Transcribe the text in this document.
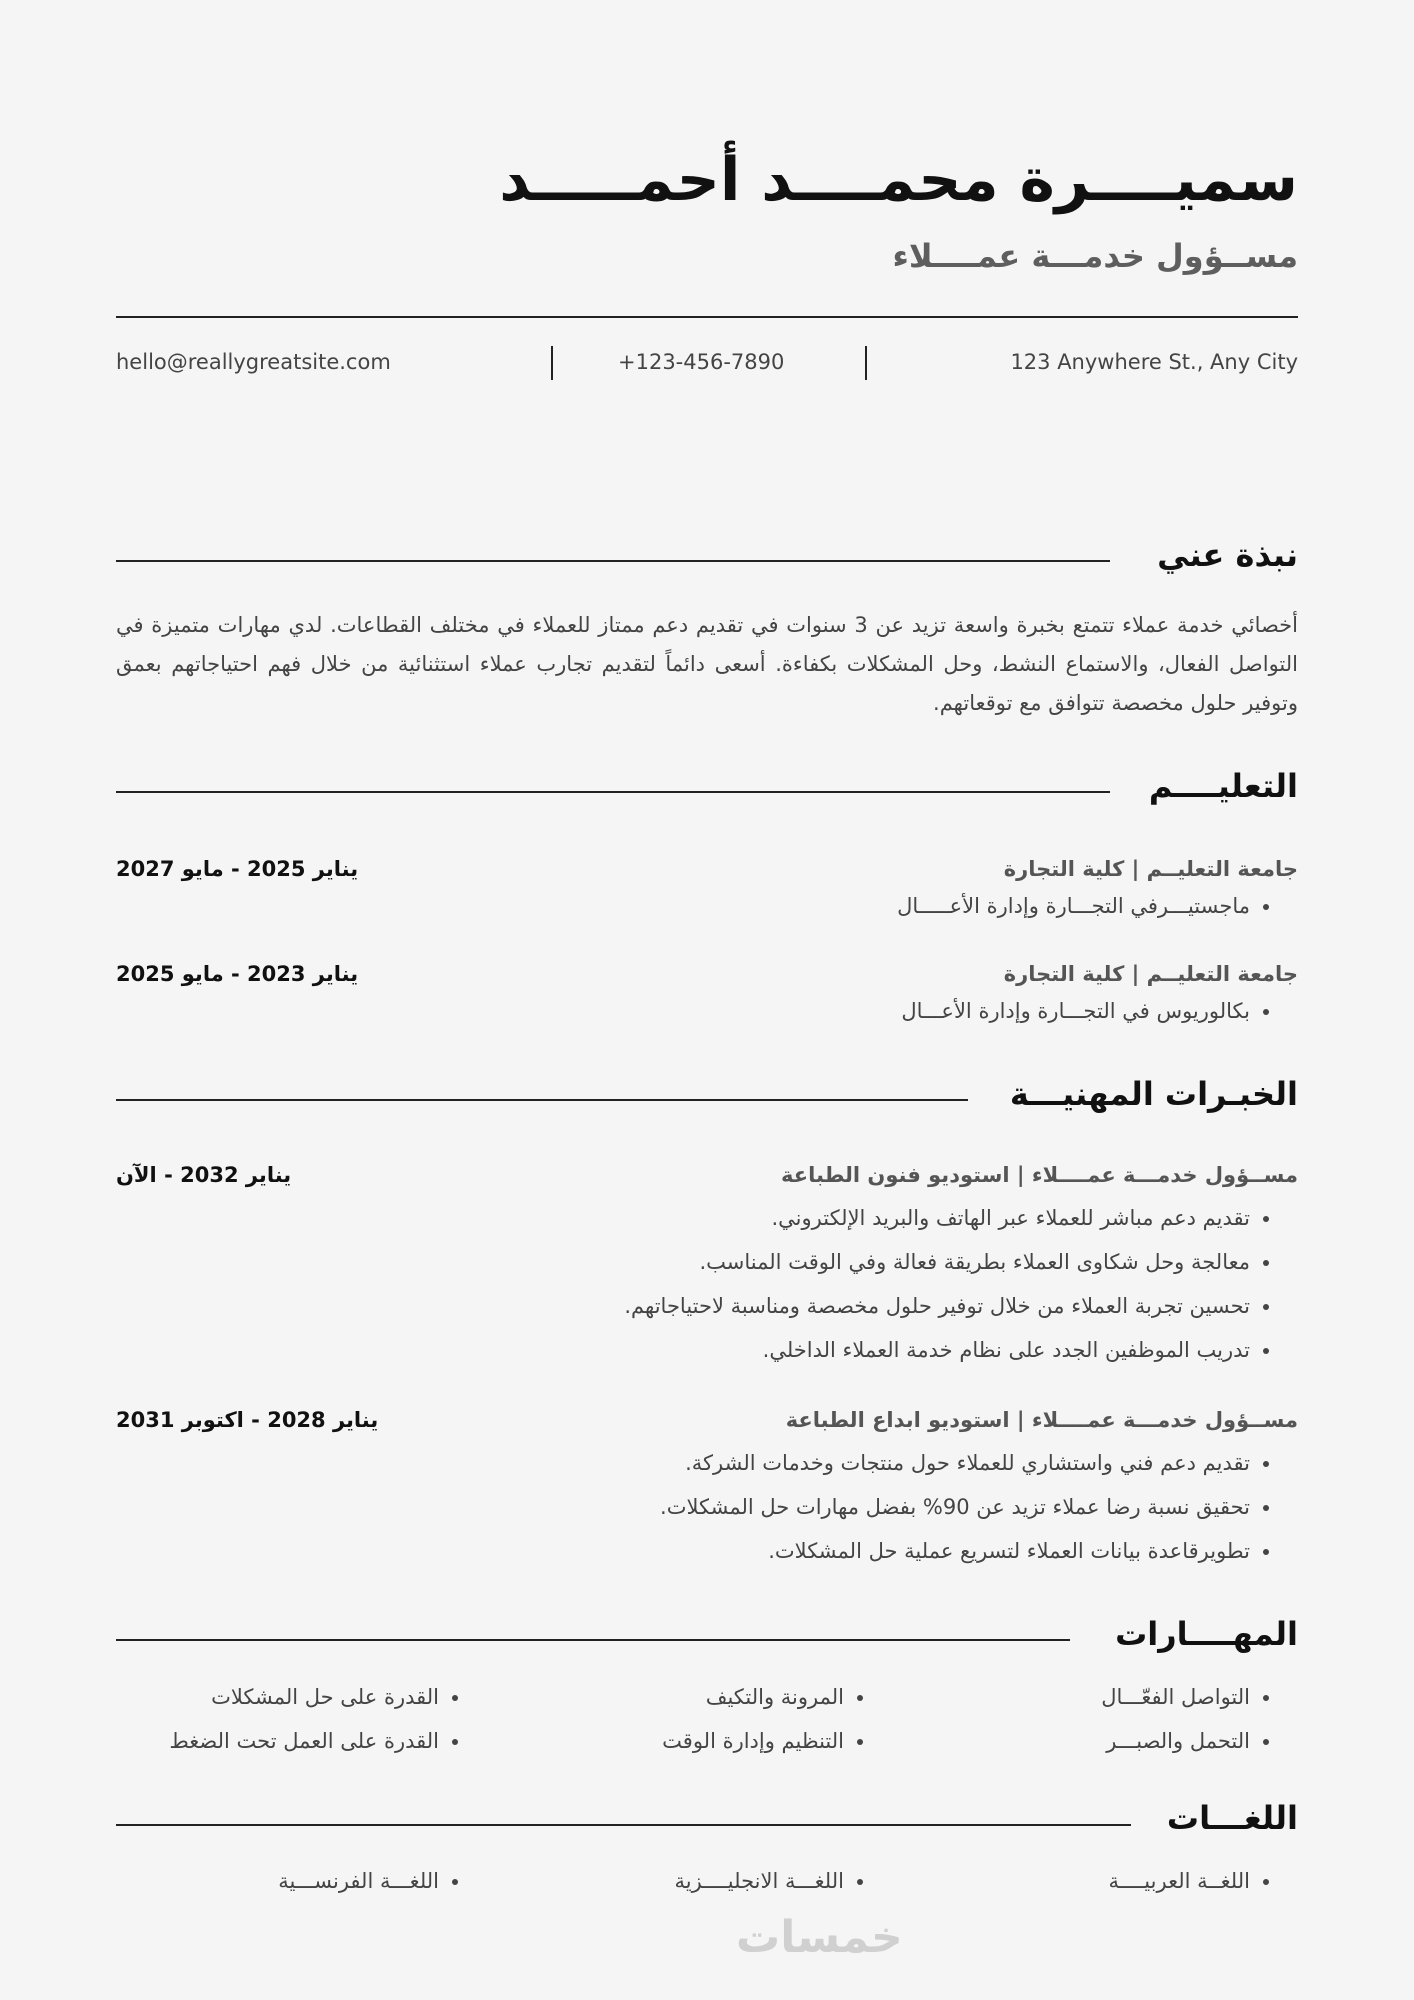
سميــــرة محمــــد أحمـــــد
مســؤول خدمـــة عمــــلاء
123 Anywhere St., Any City
+123-456-7890
hello@reallygreatsite.com
نبذة عني
أخصائي خدمة عملاء تتمتع بخبرة واسعة تزيد عن 3 سنوات في تقديم دعم ممتاز للعملاء في مختلف القطاعات. لدي مهارات متميزة في التواصل الفعال، والاستماع النشط، وحل المشكلات بكفاءة. أسعى دائماً لتقديم تجارب عملاء استثنائية من خلال فهم احتياجاتهم بعمق وتوفير حلول مخصصة تتوافق مع توقعاتهم.
التعليــــم
جامعة التعليــم | كلية التجارة
يناير 2025 - مايو 2027
• ماجستيـــرفي التجـــارة وإدارة الأعـــــال
جامعة التعليــم | كلية التجارة
يناير 2023 - مايو 2025
• بكالوريوس في التجـــارة وإدارة الأعـــال
الخبـرات المهنيـــة
مســؤول خدمـــة عمــــلاء | استوديو فنون الطباعة
يناير 2032 - الآن
• تقديم دعم مباشر للعملاء عبر الهاتف والبريد الإلكتروني.
• معالجة وحل شكاوى العملاء بطريقة فعالة وفي الوقت المناسب.
• تحسين تجربة العملاء من خلال توفير حلول مخصصة ومناسبة لاحتياجاتهم.
• تدريب الموظفين الجدد على نظام خدمة العملاء الداخلي.
مســؤول خدمـــة عمــــلاء | استوديو ابداع الطباعة
يناير 2028 - اكتوبر 2031
• تقديم دعم فني واستشاري للعملاء حول منتجات وخدمات الشركة.
• تحقيق نسبة رضا عملاء تزيد عن 90% بفضل مهارات حل المشكلات.
• تطويرقاعدة بيانات العملاء لتسريع عملية حل المشكلات.
المهــــارات
• التواصل الفعّـــال
• التحمل والصبـــر
• المرونة والتكيف
• التنظيم وإدارة الوقت
• القدرة على حل المشكلات
• القدرة على العمل تحت الضغط
اللغـــات
• اللغــة العربيــــة
• اللغـــة الانجليــــزية
• اللغـــة الفرنســـية
خمسات
